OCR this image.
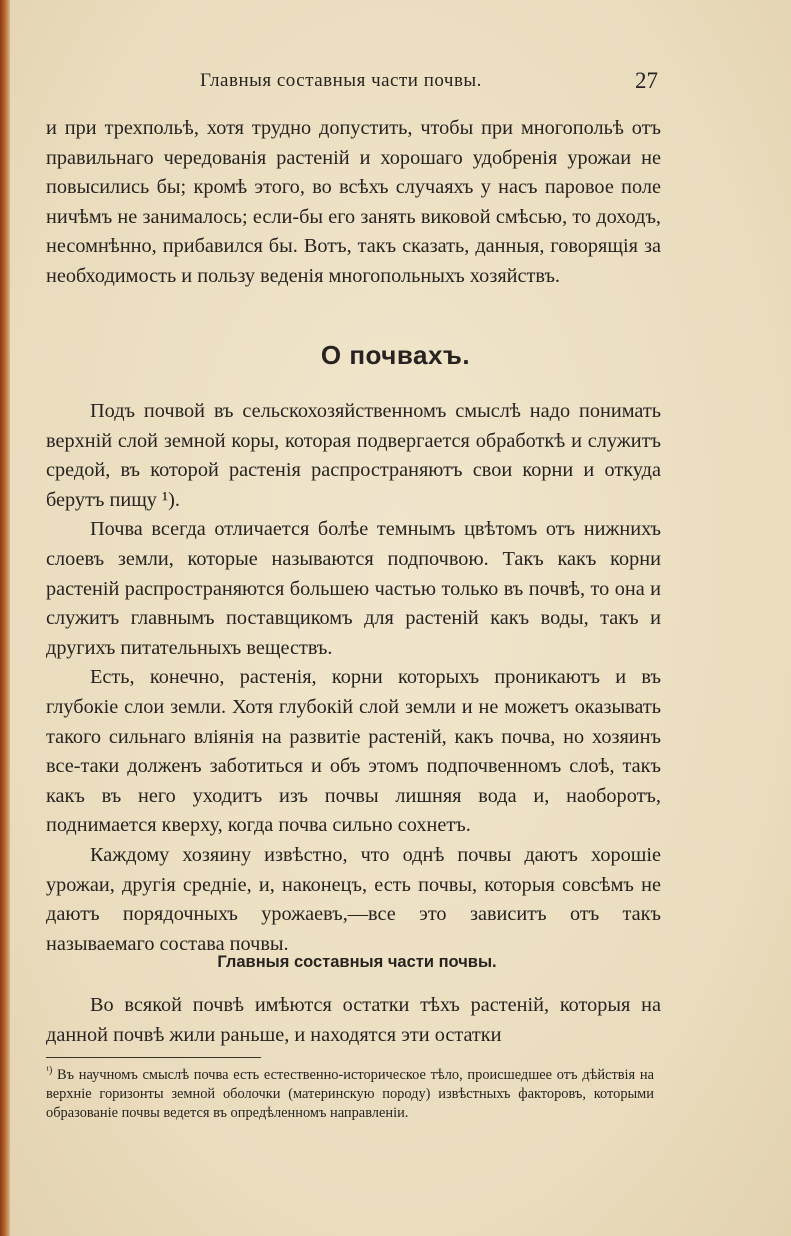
Главныя составныя части почвы.	27

и при трехпольѣ, хотя трудно допустить, чтобы при многопольѣ отъ правильнаго чередованія растеній и хорошаго удобренія урожаи не повысились бы; кромѣ этого, во всѣхъ случаяхъ у насъ паровое поле ничѣмъ не занималось; если-бы его занять виковой смѣсью, то доходъ, несомнѣнно, прибавился бы. Вотъ, такъ сказать, данныя, говорящія за необходимость и пользу веденія многопольныхъ хозяйствъ.

О почвахъ.

Подъ почвой въ сельскохозяйственномъ смыслѣ надо понимать верхній слой земной коры, которая подвергается обработкѣ и служитъ средой, въ которой растенія распространяютъ свои корни и откуда берутъ пищу ¹).

Почва всегда отличается болѣе темнымъ цвѣтомъ отъ нижнихъ слоевъ земли, которые называются подпочвою. Такъ какъ корни растеній распространяются большею частью только въ почвѣ, то она и служитъ главнымъ поставщикомъ для растеній какъ воды, такъ и другихъ питательныхъ веществъ.

Есть, конечно, растенія, корни которыхъ проникаютъ и въ глубокіе слои земли. Хотя глубокій слой земли и не можетъ оказывать такого сильнаго вліянія на развитіе растеній, какъ почва, но хозяинъ все-таки долженъ заботиться и объ этомъ подпочвенномъ слоѣ, такъ какъ въ него уходитъ изъ почвы лишняя вода и, наоборотъ, поднимается кверху, когда почва сильно сохнетъ.

Каждому хозяину извѣстно, что однѣ почвы даютъ хорошіе урожаи, другія средніе, и, наконецъ, есть почвы, которыя совсѣмъ не даютъ порядочныхъ урожаевъ,—все это зависитъ отъ такъ называемаго состава почвы.

Главныя составныя части почвы.

Во всякой почвѣ имѣются остатки тѣхъ растеній, которыя на данной почвѣ жили раньше, и находятся эти остатки

$^{^1)}$ Въ научномъ смыслѣ почва есть естественно-историческое тѣло, происшедшее отъ дѣйствія на верхніе горизонты земной оболочки (материнскую породу) извѣстныхъ факторовъ, которыми образованіе почвы ведется въ опредѣленномъ направленіи.
